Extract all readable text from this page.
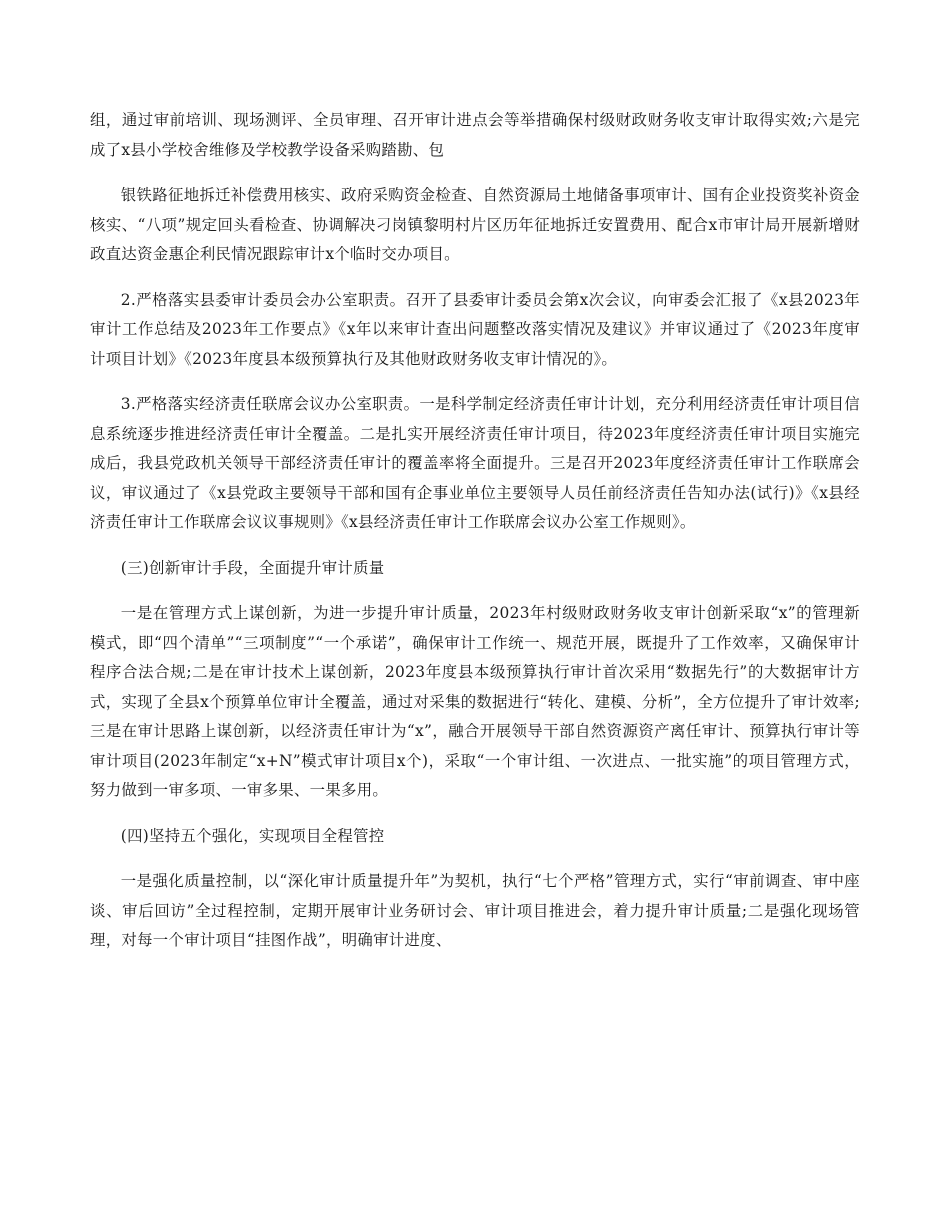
组，通过审前培训、现场测评、全员审理、召开审计进点会等举措确保村级财政财务收支审计取得实效;六是完成了x县小学校舍维修及学校教学设备采购踏勘、包

银铁路征地拆迁补偿费用核实、政府采购资金检查、自然资源局土地储备事项审计、国有企业投资奖补资金核实、“八项”规定回头看检查、协调解决刁岗镇黎明村片区历年征地拆迁安置费用、配合x市审计局开展新增财政直达资金惠企利民情况跟踪审计x个临时交办项目。

2.严格落实县委审计委员会办公室职责。召开了县委审计委员会第x次会议，向审委会汇报了《x县2023年审计工作总结及2023年工作要点》《x年以来审计查出问题整改落实情况及建议》并审议通过了《2023年度审计项目计划》《2023年度县本级预算执行及其他财政财务收支审计情况的》。

3.严格落实经济责任联席会议办公室职责。一是科学制定经济责任审计计划，充分利用经济责任审计项目信息系统逐步推进经济责任审计全覆盖。二是扎实开展经济责任审计项目，待2023年度经济责任审计项目实施完成后，我县党政机关领导干部经济责任审计的覆盖率将全面提升。三是召开2023年度经济责任审计工作联席会议，审议通过了《x县党政主要领导干部和国有企事业单位主要领导人员任前经济责任告知办法(试行)》《x县经济责任审计工作联席会议议事规则》《x县经济责任审计工作联席会议办公室工作规则》。

(三)创新审计手段，全面提升审计质量

一是在管理方式上谋创新，为进一步提升审计质量，2023年村级财政财务收支审计创新采取“x”的管理新模式，即“四个清单”“三项制度”“一个承诺”，确保审计工作统一、规范开展，既提升了工作效率，又确保审计程序合法合规;二是在审计技术上谋创新，2023年度县本级预算执行审计首次采用“数据先行”的大数据审计方式，实现了全县x个预算单位审计全覆盖，通过对采集的数据进行“转化、建模、分析”，全方位提升了审计效率;三是在审计思路上谋创新，以经济责任审计为“x”，融合开展领导干部自然资源资产离任审计、预算执行审计等审计项目(2023年制定“x+N”模式审计项目x个)，采取“一个审计组、一次进点、一批实施”的项目管理方式，努力做到一审多项、一审多果、一果多用。

(四)坚持五个强化，实现项目全程管控

一是强化质量控制，以“深化审计质量提升年”为契机，执行“七个严格”管理方式，实行“审前调查、审中座谈、审后回访”全过程控制，定期开展审计业务研讨会、审计项目推进会，着力提升审计质量;二是强化现场管理，对每一个审计项目“挂图作战”，明确审计进度、
